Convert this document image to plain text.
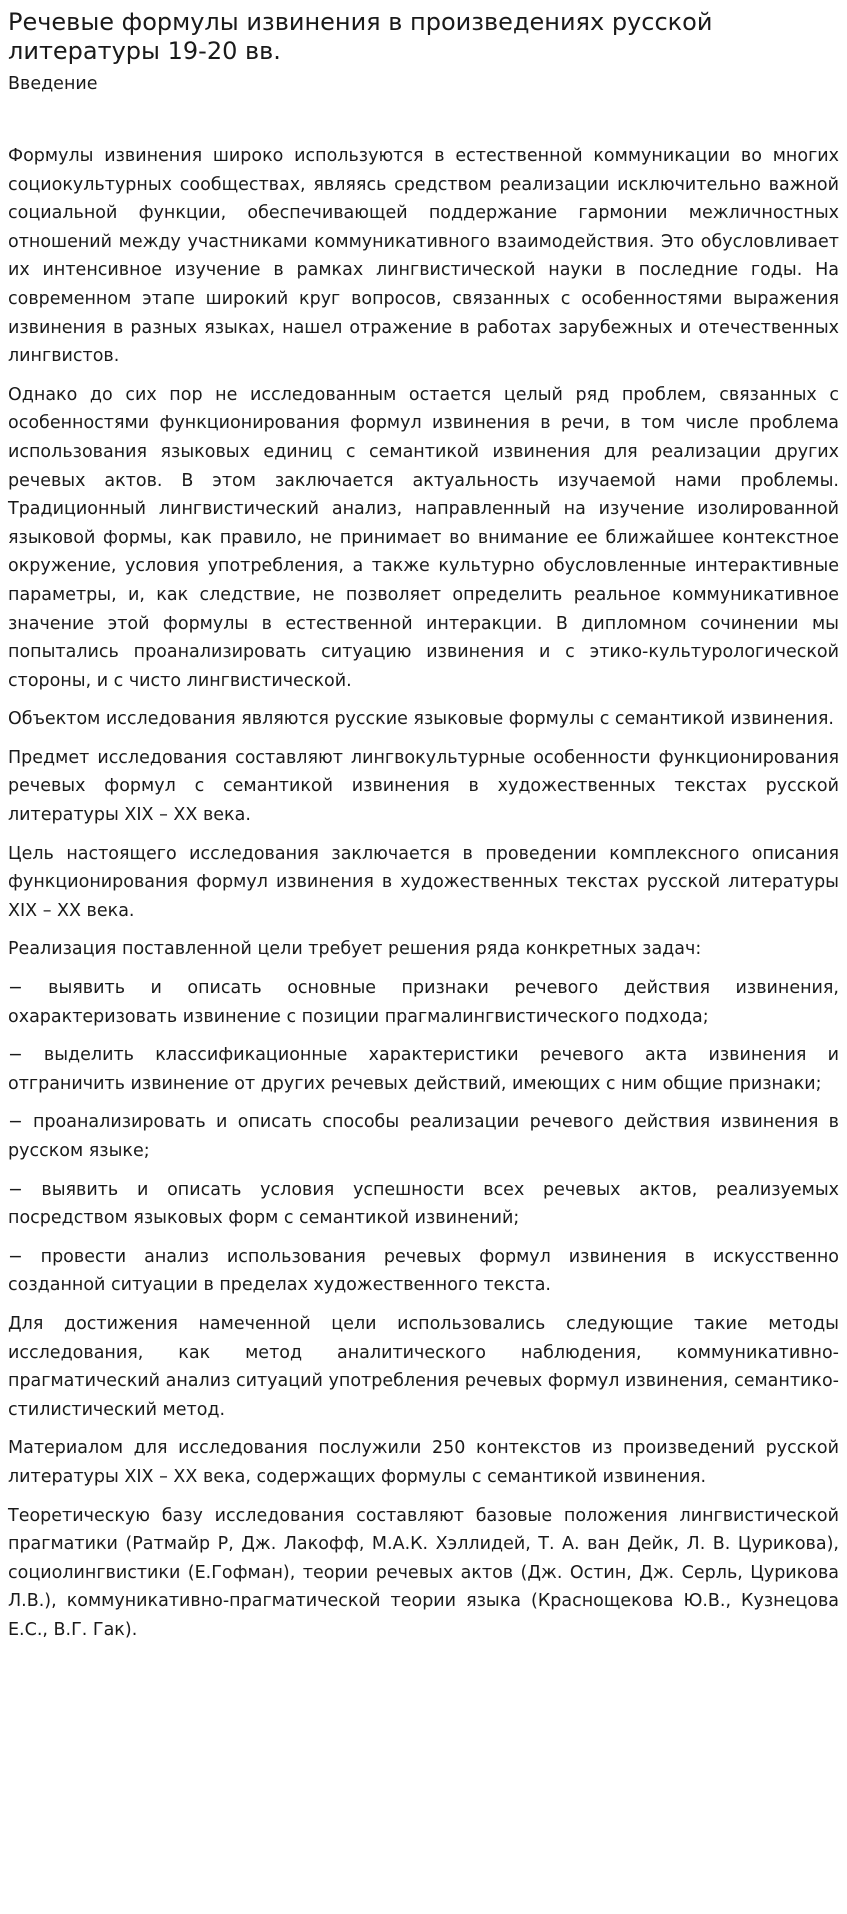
Речевые формулы извинения в произведениях русской литературы 19-20 вв.
Введение

Формулы извинения широко используются в естественной коммуникации во многих социокультурных сообществах, являясь средством реализации исключительно важной социальной функции, обеспечивающей поддержание гармонии межличностных отношений между участниками коммуникативного взаимодействия. Это обусловливает их интенсивное изучение в рамках лингвистической науки в последние годы. На современном этапе широкий круг вопросов, связанных с особенностями выражения извинения в разных языках, нашел отражение в работах зарубежных и отечественных лингвистов.

Однако до сих пор не исследованным остается целый ряд проблем, связанных с особенностями функционирования формул извинения в речи, в том числе проблема использования языковых единиц с семантикой извинения для реализации других речевых актов. В этом заключается актуальность изучаемой нами проблемы. Традиционный лингвистический анализ, направленный на изучение изолированной языковой формы, как правило, не принимает во внимание ее ближайшее контекстное окружение, условия употребления, а также культурно обусловленные интерактивные параметры, и, как следствие, не позволяет определить реальное коммуникативное значение этой формулы в естественной интеракции. В дипломном сочинении мы попытались проанализировать ситуацию извинения и с этико-культурологической стороны, и с чисто лингвистической.

Объектом исследования являются русские языковые формулы с семантикой извинения.

Предмет исследования составляют лингвокультурные особенности функционирования речевых формул с семантикой извинения в художественных текстах русской литературы XIX – XX века.

Цель настоящего исследования заключается в проведении комплексного описания функционирования формул извинения в художественных текстах русской литературы XIX – XX века.

Реализация поставленной цели требует решения ряда конкретных задач:

− выявить и описать основные признаки речевого действия извинения, охарактеризовать извинение с позиции прагмалингвистического подхода;

− выделить классификационные характеристики речевого акта извинения и отграничить извинение от других речевых действий, имеющих с ним общие признаки;

− проанализировать и описать способы реализации речевого действия извинения в русском языке;

− выявить и описать условия успешности всех речевых актов, реализуемых посредством языковых форм с семантикой извинений;

− провести анализ использования речевых формул извинения в искусственно созданной ситуации в пределах художественного текста.

Для достижения намеченной цели использовались следующие такие методы исследования, как метод аналитического наблюдения, коммуникативно-прагматический анализ ситуаций употребления речевых формул извинения, семантико-стилистический метод.

Материалом для исследования послужили 250 контекстов из произведений русской литературы XIX – XX века, содержащих формулы с семантикой извинения.

Теоретическую базу исследования составляют базовые положения лингвистической прагматики (Ратмайр Р, Дж. Лакофф, М.А.К. Хэллидей, Т. А. ван Дейк, Л. В. Цурикова), социолингвистики (Е.Гофман), теории речевых актов (Дж. Остин, Дж. Серль, Цурикова Л.В.), коммуникативно-прагматической теории языка (Краснощекова Ю.В., Кузнецова Е.С., В.Г. Гак).
